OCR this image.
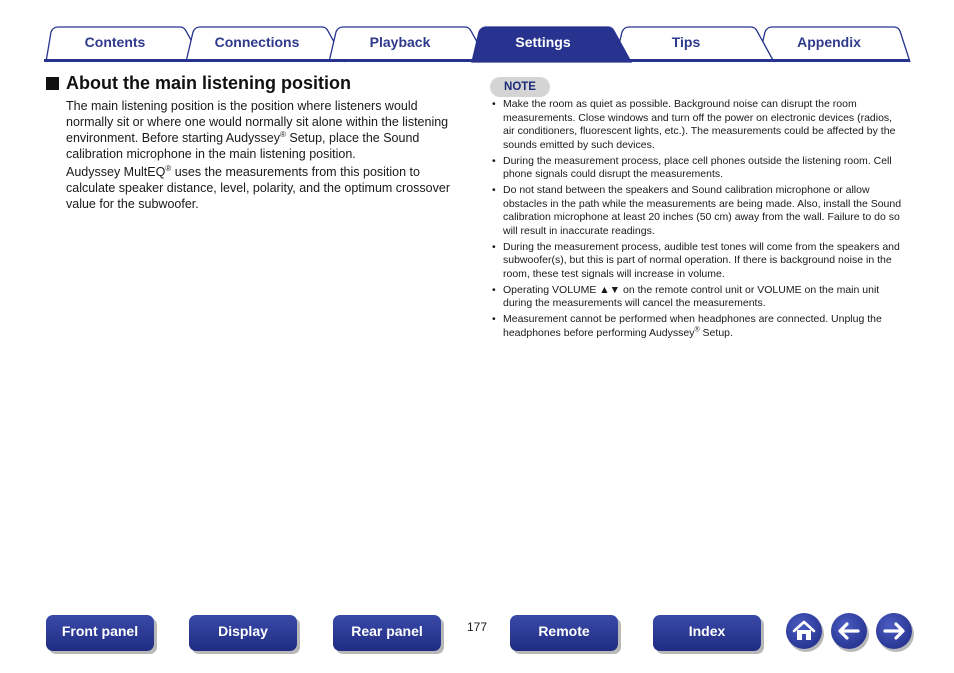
Contents	Connections	Playback	Settings	Tips	Appendix
About the main listening position

The main listening position is the position where listeners would normally sit or where one would normally sit alone within the listening environment. Before starting Audyssey® Setup, place the Sound calibration microphone in the main listening position.

Audyssey MultEQ® uses the measurements from this position to calculate speaker distance, level, polarity, and the optimum crossover value for the subwoofer.

NOTE
• Make the room as quiet as possible. Background noise can disrupt the room measurements. Close windows and turn off the power on electronic devices (radios, air conditioners, fluorescent lights, etc.). The measurements could be affected by the sounds emitted by such devices.
• During the measurement process, place cell phones outside the listening room. Cell phone signals could disrupt the measurements.
• Do not stand between the speakers and Sound calibration microphone or allow obstacles in the path while the measurements are being made. Also, install the Sound calibration microphone at least 20 inches (50 cm) away from the wall. Failure to do so will result in inaccurate readings.
• During the measurement process, audible test tones will come from the speakers and subwoofer(s), but this is part of normal operation. If there is background noise in the room, these test signals will increase in volume.
• Operating VOLUME ▲▼ on the remote control unit or VOLUME on the main unit during the measurements will cancel the measurements.
• Measurement cannot be performed when headphones are connected. Unplug the headphones before performing Audyssey® Setup.
Front panel	Display	Rear panel	177	Remote	Index
